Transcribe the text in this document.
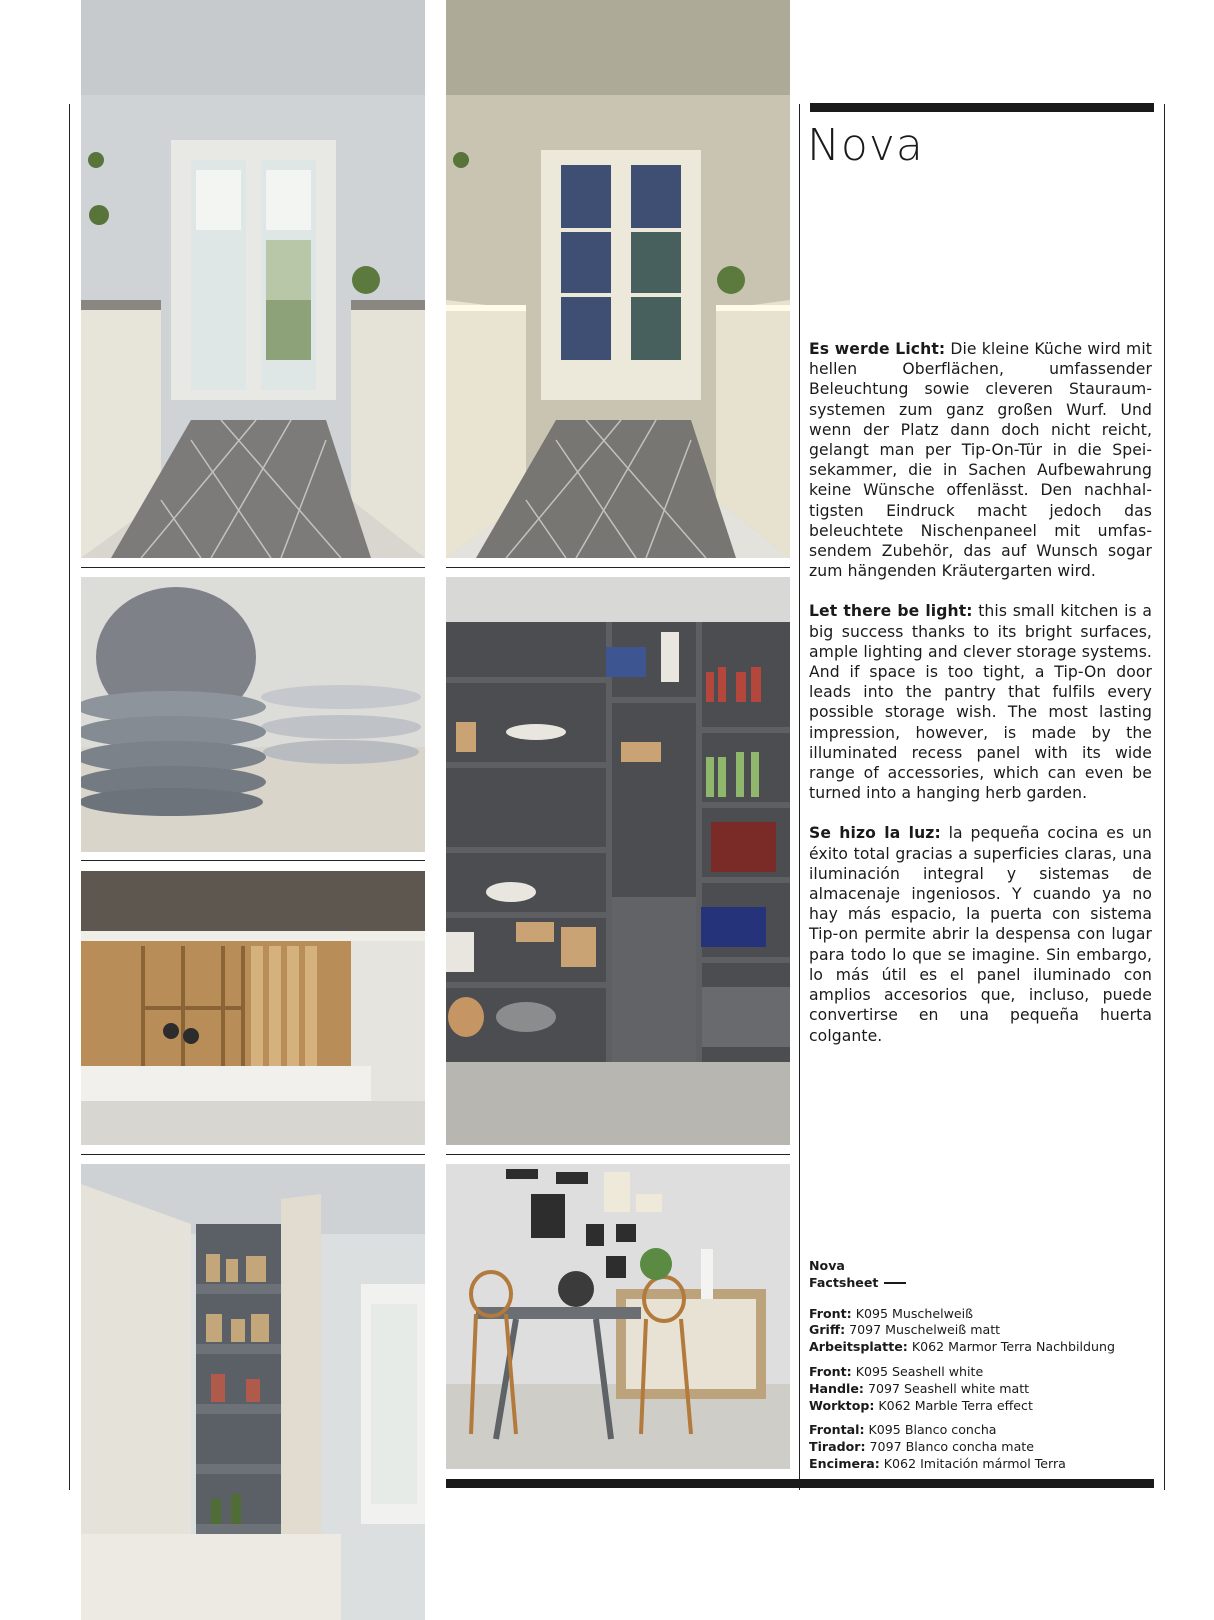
Nova

Es werde Licht: Die kleine Küche wird mit hellen Oberflächen, umfassender Beleuchtung sowie cleveren Stauraumsystemen zum ganz großen Wurf. Und wenn der Platz dann doch nicht reicht, gelangt man per Tip-On-Tür in die Speisekammer, die in Sachen Aufbewahrung keine Wünsche offenlässt. Den nachhaltigsten Eindruck macht jedoch das beleuchtete Nischenpaneel mit umfassendem Zubehör, das auf Wunsch sogar zum hängenden Kräutergarten wird.

Let there be light: this small kitchen is a big success thanks to its bright surfaces, ample lighting and clever storage systems. And if space is too tight, a Tip-On door leads into the pantry that fulfils every possible storage wish. The most lasting impression, however, is made by the illuminated recess panel with its wide range of accessories, which can even be turned into a hanging herb garden.

Se hizo la luz: la pequeña cocina es un éxito total gracias a superficies claras, una iluminación integral y sistemas de almacenaje ingeniosos. Y cuando ya no hay más espacio, la puerta con sistema Tip-on permite abrir la despensa con lugar para todo lo que se imagine. Sin embargo, lo más útil es el panel iluminado con amplios accesorios que, incluso, puede convertirse en una pequeña huerta colgante.

Nova
Factsheet
Front: K095 Muschelweiß
Griff: 7097 Muschelweiß matt
Arbeitsplatte: K062 Marmor Terra Nachbildung
Front: K095 Seashell white
Handle: 7097 Seashell white matt
Worktop: K062 Marble Terra effect
Frontal: K095 Blanco concha
Tirador: 7097 Blanco concha mate
Encimera: K062 Imitación mármol Terra
